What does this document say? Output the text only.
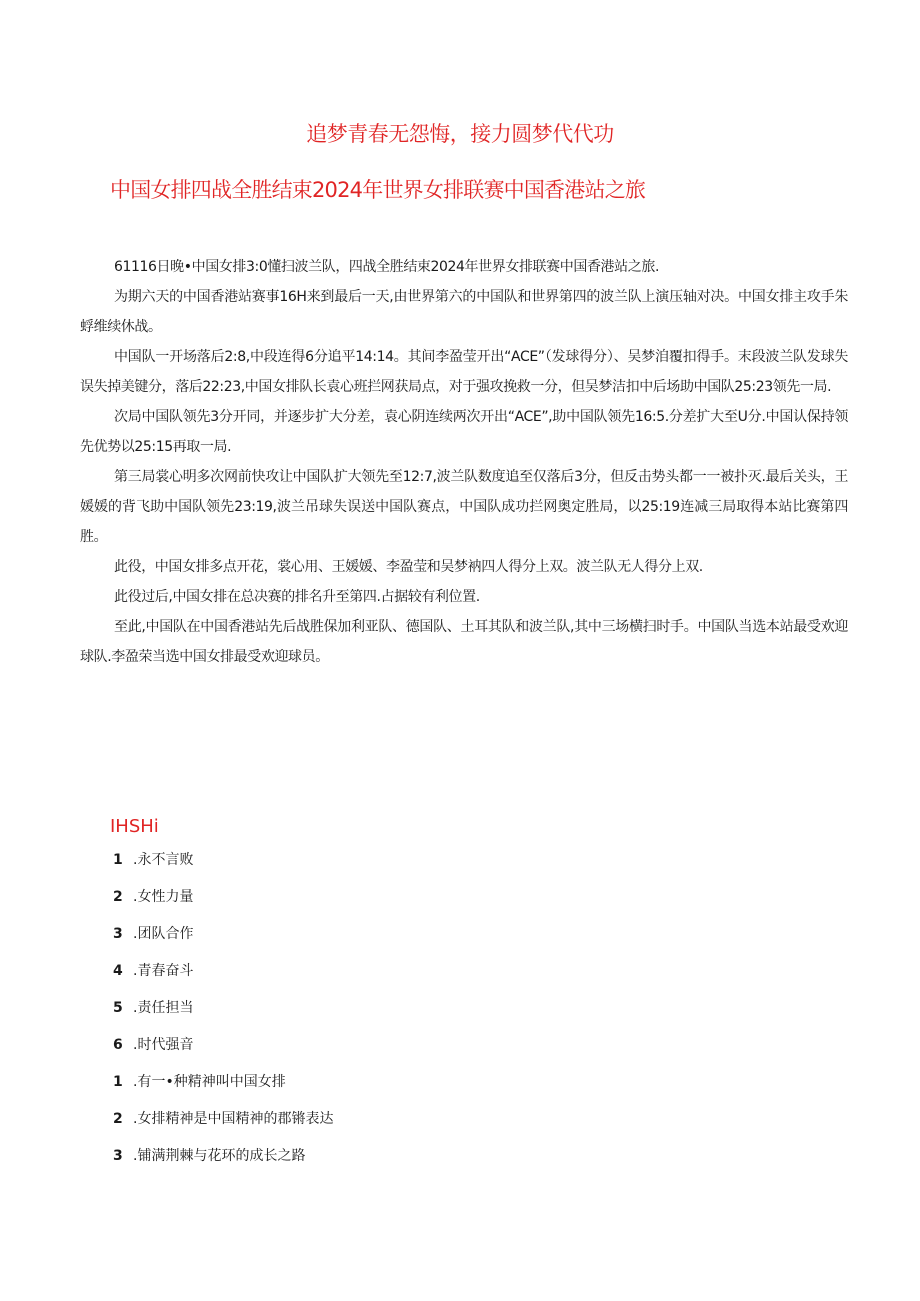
追梦青春无怨悔，接力圆梦代代功
中国女排四战全胜结束2024年世界女排联赛中国香港站之旅

61116日晚•中国女排3:0懂扫波兰队，四战全胜结束2024年世界女排联赛中国香港站之旅.

为期六天的中国香港站赛事16H来到最后一天,由世界第六的中国队和世界第四的波兰队上演压轴对决。中国女排主攻手朱蜉维续休战。

中国队一开场落后2:8,中段连得6分追平14:14。其间李盈莹开出“ACE”（发球得分）、吴梦洎覆扣得手。末段波兰队发球失误失掉美键分，落后22:23,中国女排队长袁心班拦网获局点，对于强攻挽救一分，但吴梦洁扣中后场助中国队25:23领先一局.

次局中国队领先3分开同，并逐步扩大分差，袁心阴连续两次开出“ACE”,助中国队领先16:5.分差扩大至U分.中国认保持领先优势以25:15再取一局.

第三局裳心明多次网前快攻让中国队扩大领先至12:7,波兰队数度追至仅落后3分，但反击势头都一一被扑灭.最后关头，王媛媛的背飞助中国队领先23:19,波兰吊球失误送中国队赛点，中国队成功拦网奥定胜局，以25:19连减三局取得本站比赛第四胜。

此役，中国女排多点开花，裳心用、王媛媛、李盈莹和吴梦衲四人得分上双。波兰队无人得分上双.

此役过后,中国女排在总决赛的排名升至第四.占据较有利位置.

至此,中国队在中国香港站先后战胜保加利亚队、德国队、土耳其队和波兰队,其中三场横扫时手。中国队当选本站最受欢迎球队.李盈荣当选中国女排最受欢迎球员。

IHSHi
1 .永不言败
2 .女性力量
3 .团队合作
4 .青春奋斗
5 .责任担当
6 .时代强音
1 .有一•种精神叫中国女排
2 .女排精神是中国精神的郡锵表达
3 .铺满荆棘与花环的成长之路
